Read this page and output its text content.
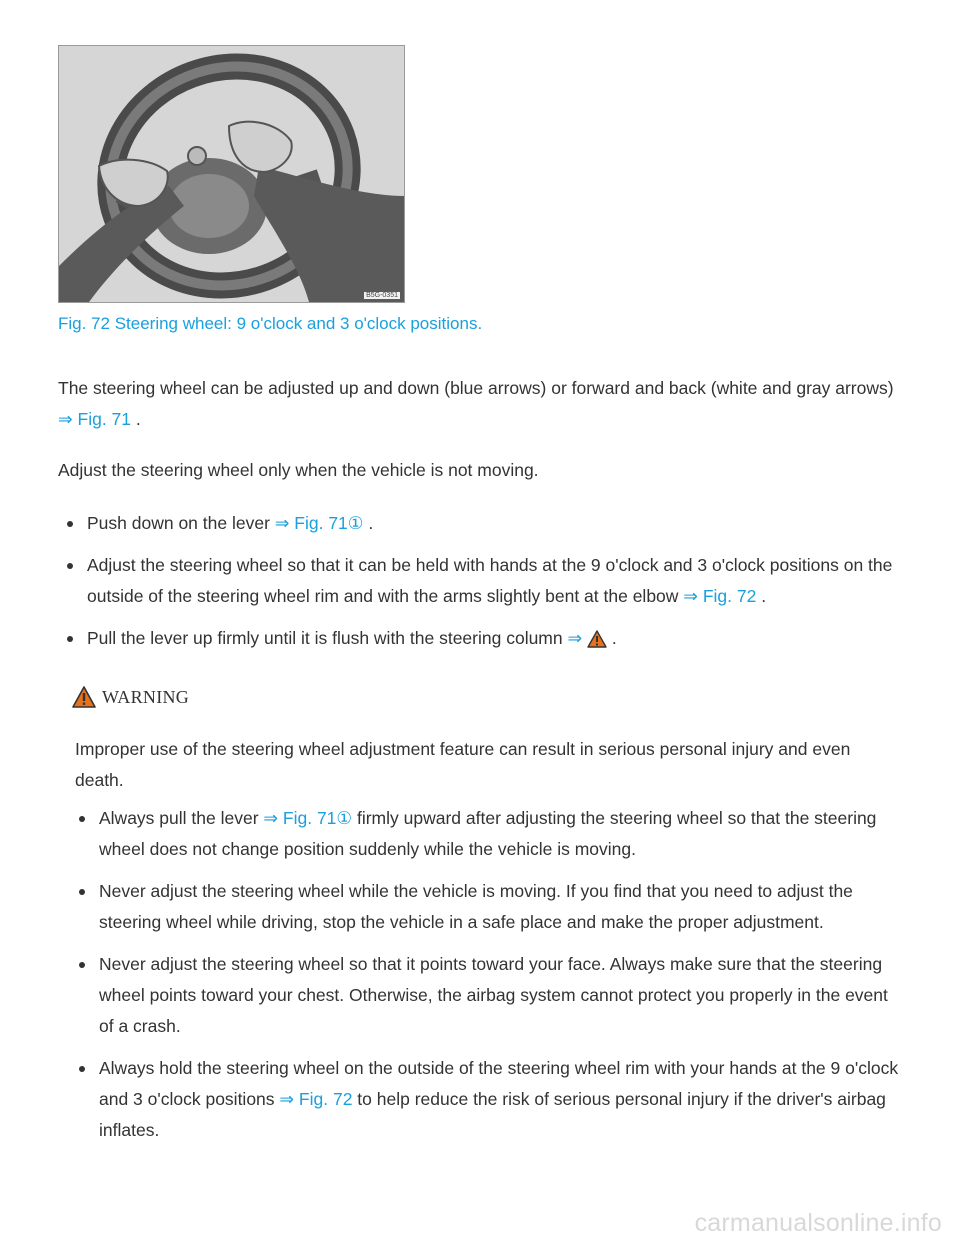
B5G-0351
Fig. 72 Steering wheel: 9 o'clock and 3 o'clock positions.

The steering wheel can be adjusted up and down (blue arrows) or forward and back (white and gray arrows) ⇒ Fig. 71 .

Adjust the steering wheel only when the vehicle is not moving.

Push down on the lever ⇒ Fig. 71① .
Adjust the steering wheel so that it can be held with hands at the 9 o'clock and 3 o'clock positions on the outside of the steering wheel rim and with the arms slightly bent at the elbow ⇒ Fig. 72 .
Pull the lever up firmly until it is flush with the steering column ⇒  .
WARNING

Improper use of the steering wheel adjustment feature can result in serious personal injury and even death.

Always pull the lever ⇒ Fig. 71① firmly upward after adjusting the steering wheel so that the steering wheel does not change position suddenly while the vehicle is moving.
Never adjust the steering wheel while the vehicle is moving. If you find that you need to adjust the steering wheel while driving, stop the vehicle in a safe place and make the proper adjustment.
Never adjust the steering wheel so that it points toward your face. Always make sure that the steering wheel points toward your chest. Otherwise, the airbag system cannot protect you properly in the event of a crash.
Always hold the steering wheel on the outside of the steering wheel rim with your hands at the 9 o'clock and 3 o'clock positions ⇒ Fig. 72 to help reduce the risk of serious personal injury if the driver's airbag inflates.
carmanualsonline.info
